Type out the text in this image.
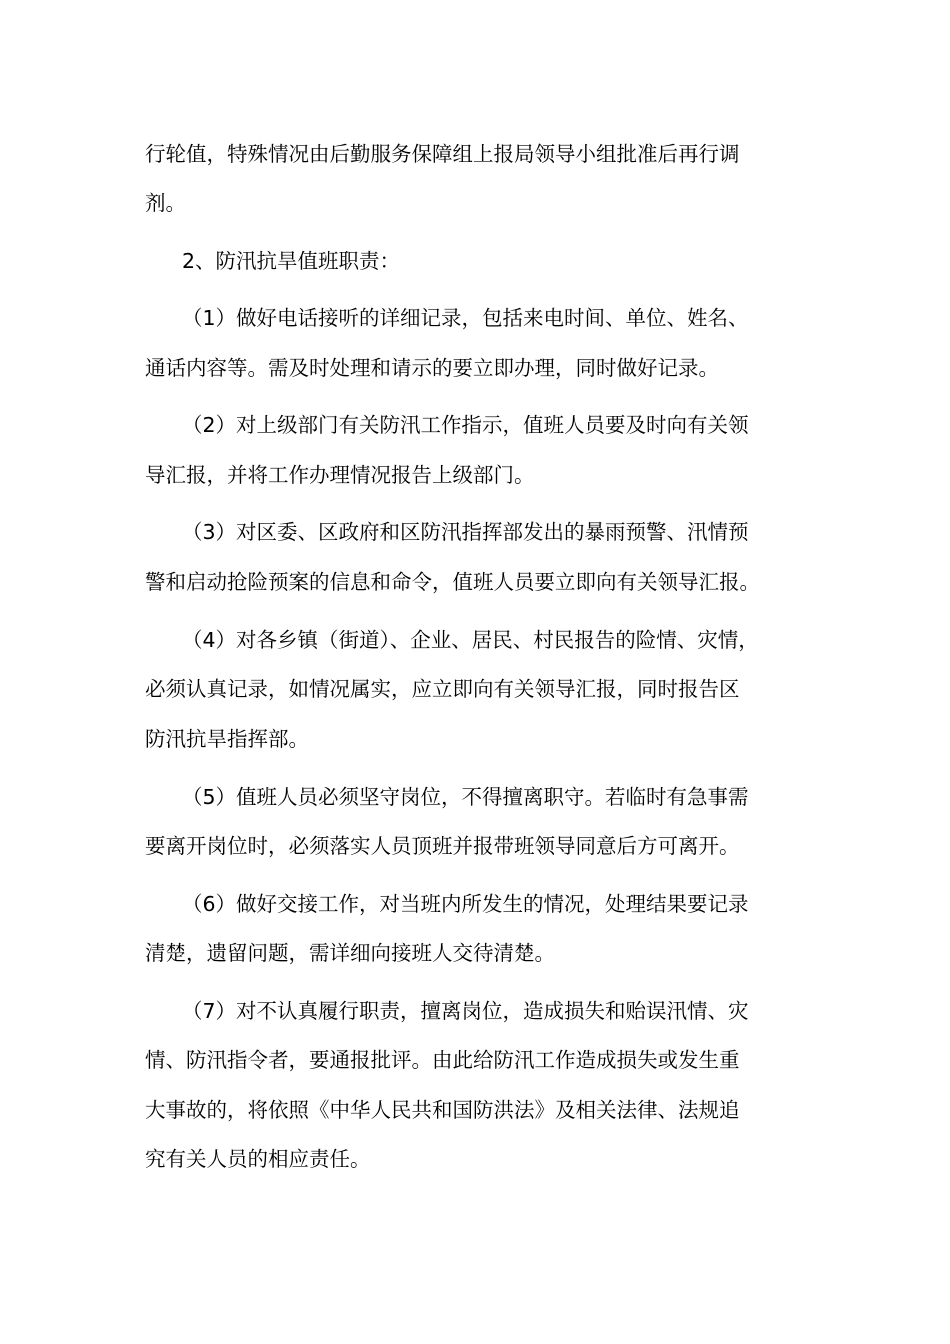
行轮值，特殊情况由后勤服务保障组上报局领导小组批准后再行调
剂。
2、防汛抗旱值班职责：
（1）做好电话接听的详细记录，包括来电时间、单位、姓名、
通话内容等。需及时处理和请示的要立即办理，同时做好记录。
（2）对上级部门有关防汛工作指示，值班人员要及时向有关领
导汇报，并将工作办理情况报告上级部门。
（3）对区委、区政府和区防汛指挥部发出的暴雨预警、汛情预
警和启动抢险预案的信息和命令，值班人员要立即向有关领导汇报。
（4）对各乡镇（街道）、企业、居民、村民报告的险情、灾情，
必须认真记录，如情况属实，应立即向有关领导汇报，同时报告区
防汛抗旱指挥部。
（5）值班人员必须坚守岗位，不得擅离职守。若临时有急事需
要离开岗位时，必须落实人员顶班并报带班领导同意后方可离开。
（6）做好交接工作，对当班内所发生的情况，处理结果要记录
清楚，遗留问题，需详细向接班人交待清楚。
（7）对不认真履行职责，擅离岗位，造成损失和贻误汛情、灾
情、防汛指令者，要通报批评。由此给防汛工作造成损失或发生重
大事故的，将依照《中华人民共和国防洪法》及相关法律、法规追
究有关人员的相应责任。
